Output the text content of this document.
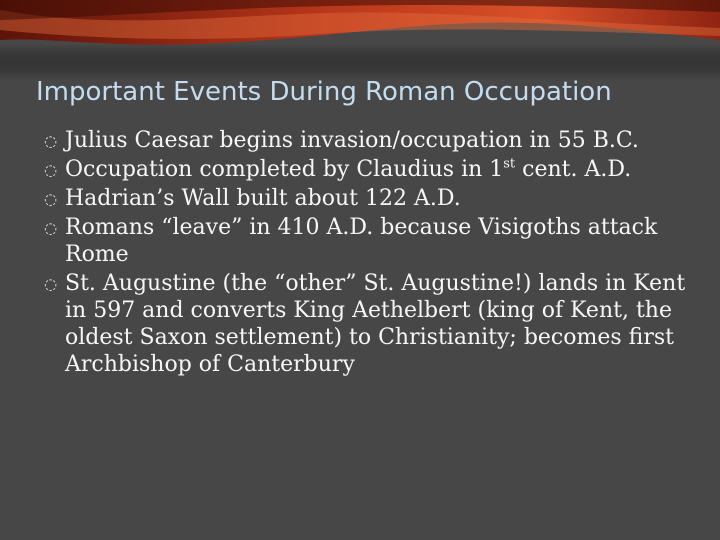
Important Events During Roman Occupation
◌ Julius Caesar begins invasion/occupation in 55 B.C.
◌ Occupation completed by Claudius in 1st cent. A.D.
◌ Hadrian’s Wall built about 122 A.D.
◌ Romans “leave” in 410 A.D. because Visigoths attack Rome
◌ St. Augustine (the “other” St. Augustine!) lands in Kent in 597 and converts King Aethelbert (king of Kent, the oldest Saxon settlement) to Christianity; becomes first Archbishop of Canterbury
